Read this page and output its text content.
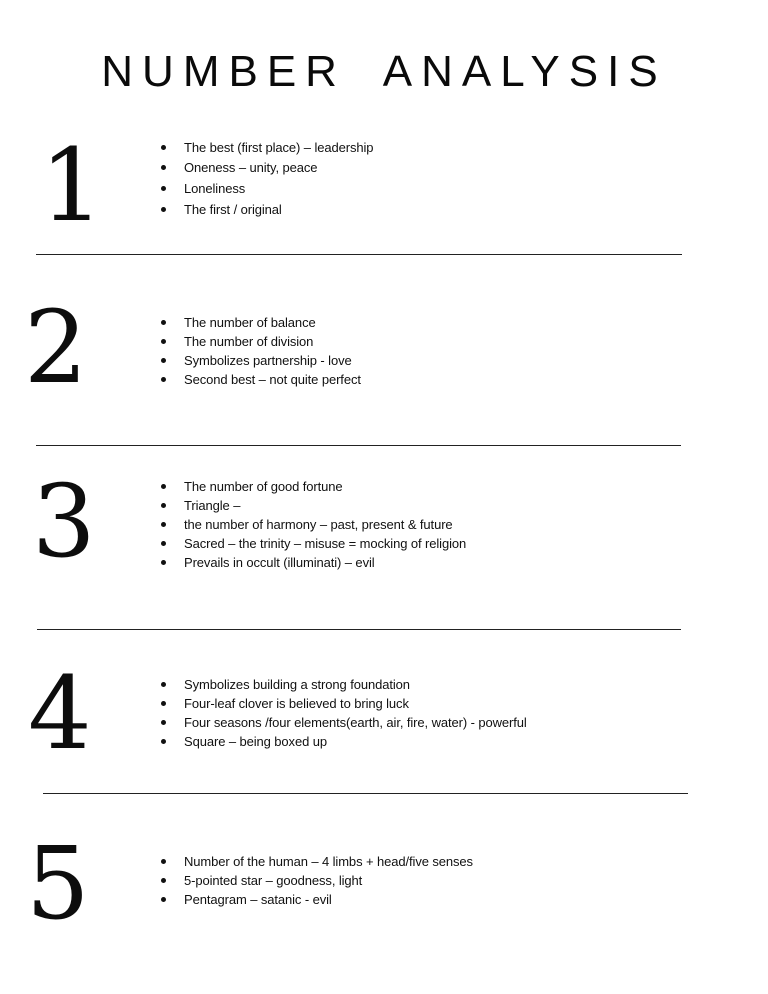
NUMBER ANALYSIS
1	The best (first place) – leadership
Oneness – unity, peace
Loneliness
The first / original
2	The number of balance
The number of division
Symbolizes partnership - love
Second best – not quite perfect
3	The number of good fortune
Triangle –
the number of harmony – past, present & future
Sacred – the trinity – misuse = mocking of religion
Prevails in occult (illuminati) – evil
4	Symbolizes building a strong foundation
Four-leaf clover is believed to bring luck
Four seasons /four elements(earth, air, fire, water) - powerful
Square – being boxed up
5	Number of the human – 4 limbs + head/five senses
5-pointed star – goodness, light
Pentagram – satanic - evil
